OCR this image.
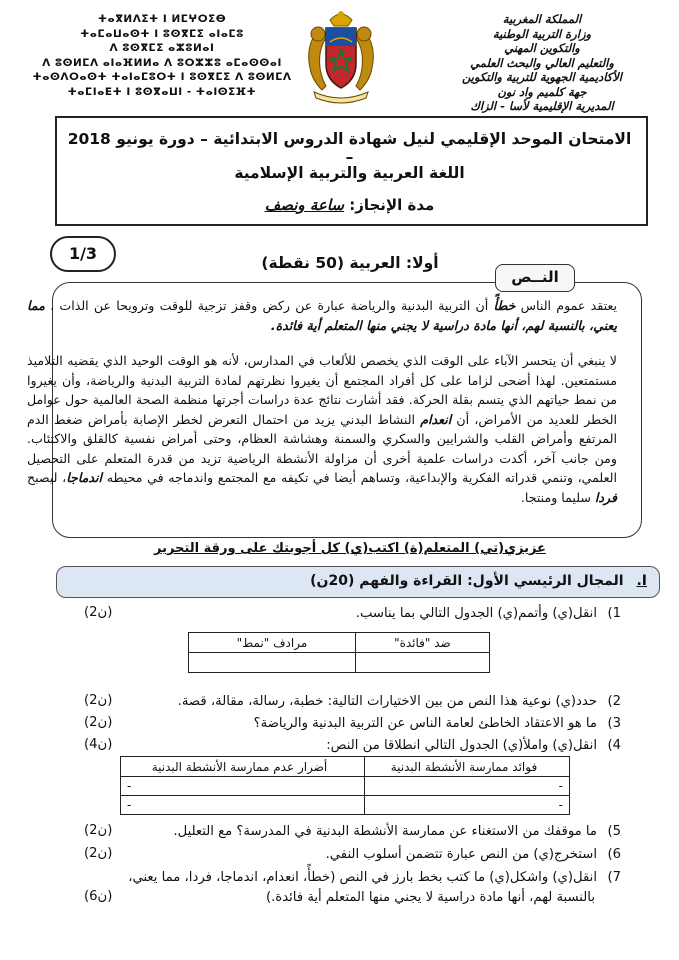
ⵜⴰⴳⵍⴷⵉⵜ ⵏ ⵍⵎⵖⵔⵉⴱ
ⵜⴰⵎⴰⵡⴰⵙⵜ ⵏ ⵓⵙⴳⵎⵉ ⴰⵏⴰⵎⵓ
ⴷ ⵓⵙⴳⵎⵉ ⴰⵣⵓⵍⴰⵏ
ⴷ ⵓⵙⵍⵎⴷ ⴰⵏⴰⴼⵍⵍⴰ ⴷ ⵓⵔⵣⵣⵓ ⴰⵎⴰⵙⵙⴰⵏ
ⵜⴰⵙⴷⵔⴰⵙⵜ ⵜⴰⵏⴰⵎⵓⵔⵜ ⵏ ⵓⵙⴳⵎⵉ ⴷ ⵓⵙⵍⵎⴷ
ⵜⴰⵎⵏⴰⴹⵜ ⵏ ⵓⵙⴳⴰⵡⵏ - ⵜⴰⵏⵙⵉⴼⵜ
المملكة المغربية
وزارة التربية الوطنية
والتكوين المهني
والتعليم العالي والبحث العلمي
الأكاديمية الجهوية للتربية والتكوين
جهة كلميم واد نون
المديرية الإقليمية لأسا - الزاك
الامتحان الموحد الإقليمي لنيل شهادة الدروس الابتدائية – دورة يونيو 2018 –
اللغة العربية والتربية الإسلامية
مدة الإنجاز: ساعة ونصف
1/3	أولا: العربية (50 نقطة)
النــص
يعتقد عموم الناس خطأً أن التربية البدنية والرياضة عبارة عن ركض وقفز تزجية للوقت وترويحا عن الذات . مما يعني، بالنسبة لهم، أنها مادة دراسية لا يجني منها المتعلم أية فائدة.
لا ينبغي أن يتحسر الآباء على الوقت الذي يخصص للألعاب في المدارس، لأنه هو الوقت الوحيد الذي يقضيه التلاميذ مستمتعين. لهذا أضحى لزاما على كل أفراد المجتمع أن يغيروا نظرتهم لمادة التربية البدنية والرياضة، وأن يغيروا من نمط حياتهم الذي يتسم بقلة الحركة. فقد أشارت نتائج عدة دراسات أجرتها منظمة الصحة العالمية حول عوامل الخطر للعديد من الأمراض، أن انعدام النشاط البدني يزيد من احتمال التعرض لخطر الإصابة بأمراض ضغط الدم المرتفع وأمراض القلب والشرايين والسكري والسمنة وهشاشة العظام، وحتى أمراض نفسية كالقلق والاكتئاب. ومن جانب آخر، أكدت دراسات علمية أخرى أن مزاولة الأنشطة الرياضية تزيد من قدرة المتعلم على التحصيل العلمي، وتنمي قدراته الفكرية والإبداعية، وتساهم أيضا في تكيفه مع المجتمع واندماجه في محيطه اندماجا، ليصبح فردا سليما ومنتجا.
عزيزي(تي) المتعلم(ة) اكتب(ي) كل أجوبتك على ورقة التحرير
I. المجال الرئيسي الأول: القراءة والفهم (20ن)
1)انقل(ي) وأتمم(ي) الجدول التالي بما يناسب.
(2ن)
ضد "فائدة"	مرادف "نمط"

2)حدد(ي) نوعية هذا النص من بين الاختيارات التالية: خطبة، رسالة، مقالة، قصة.
(2ن)
3)ما هو الاعتقاد الخاطئ لعامة الناس عن التربية البدنية والرياضة؟
(2ن)
4)انقل(ي) واملأ(ي) الجدول التالي انطلاقا من النص:
(4ن)
فوائد ممارسة الأنشطة البدنية	أضرار عدم ممارسة الأنشطة البدنية
-	-
-	-
5)ما موقفك من الاستغناء عن ممارسة الأنشطة البدنية في المدرسة؟ مع التعليل.
(2ن)
6)استخرج(ي) من النص عبارة تتضمن أسلوب النفي.
(2ن)
7)انقل(ي) واشكل(ي) ما كتب بخط بارز في النص (خطأً، انعدام، اندماجا، فردا، مما يعني،
بالنسبة لهم، أنها مادة دراسية لا يجني منها المتعلم أية فائدة.)
(6ن)
